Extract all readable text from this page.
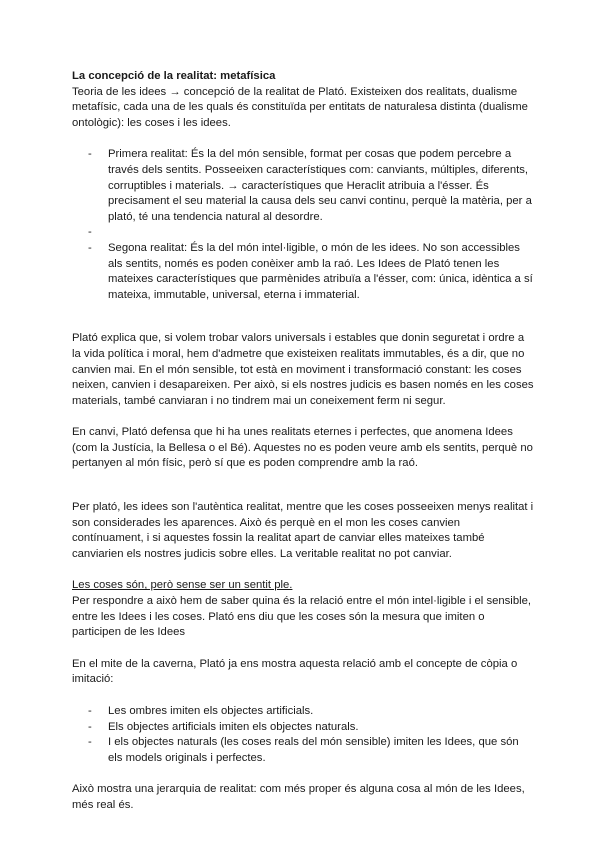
La concepció de la realitat: metafísica

Teoria de les idees → concepció de la realitat de Plató. Existeixen dos realitats, dualisme metafísic, cada una de les quals és constituïda per entitats de naturalesa distinta (dualisme ontològic): les coses i les idees.

- Primera realitat: És la del món sensible, format per cosas que podem percebre a través dels sentits. Posseeixen característiques com: canviants, múltiples, diferents, corruptibles i materials. → característiques que Heraclit atribuia a l'ésser. És precisament el seu material la causa dels seu canvi continu, perquè la matèria, per a plató, té una tendencia natural al desordre.
-
- Segona realitat: És la del món intel·ligible, o món de les idees. No son accessibles als sentits, només es poden conèixer amb la raó. Les Idees de Plató tenen les mateixes característiques que parmènides atribuïa a l'ésser, com: única, idèntica a sí mateixa, immutable, universal, eterna i immaterial.

Plató explica que, si volem trobar valors universals i estables que donin seguretat i ordre a la vida política i moral, hem d'admetre que existeixen realitats immutables, és a dir, que no canvien mai. En el món sensible, tot està en moviment i transformació constant: les coses neixen, canvien i desapareixen. Per això, si els nostres judicis es basen només en les coses materials, també canviaran i no tindrem mai un coneixement ferm ni segur.

En canvi, Plató defensa que hi ha unes realitats eternes i perfectes, que anomena Idees (com la Justícia, la Bellesa o el Bé). Aquestes no es poden veure amb els sentits, perquè no pertanyen al món físic, però sí que es poden comprendre amb la raó.

Per plató, les idees son l'autèntica realitat, mentre que les coses posseeixen menys realitat i son considerades les aparences. Això és perquè en el mon les coses canvien contínuament, i si aquestes fossin la realitat apart de canviar elles mateixes també canviarien els nostres judicis sobre elles. La veritable realitat no pot canviar.

Les coses són, però sense ser un sentit ple.

Per respondre a això hem de saber quina és la relació entre el món intel·ligible i el sensible, entre les Idees i les coses. Plató ens diu que les coses són la mesura que imiten o participen de les Idees

En el mite de la caverna, Plató ja ens mostra aquesta relació amb el concepte de còpia o imitació:

- Les ombres imiten els objectes artificials.
- Els objectes artificials imiten els objectes naturals.
- I els objectes naturals (les coses reals del món sensible) imiten les Idees, que són els models originals i perfectes.

Això mostra una jerarquia de realitat: com més proper és alguna cosa al món de les Idees, més real és.
